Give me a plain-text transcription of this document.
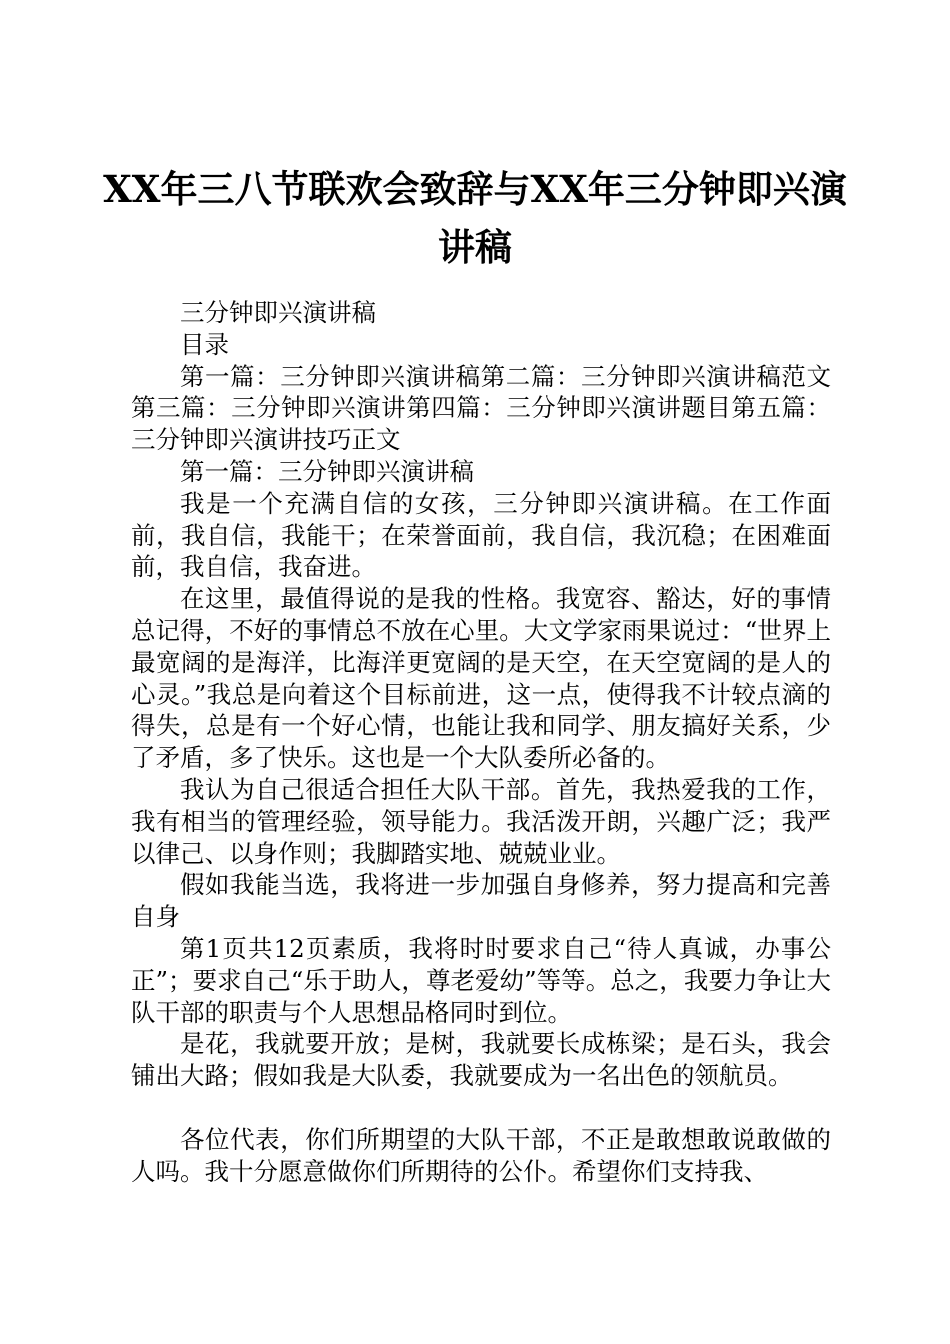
XX年三八节联欢会致辞与XX年三分钟即兴演讲稿

三分钟即兴演讲稿

目录

第一篇：三分钟即兴演讲稿第二篇：三分钟即兴演讲稿范文第三篇：三分钟即兴演讲第四篇：三分钟即兴演讲题目第五篇：三分钟即兴演讲技巧正文

第一篇：三分钟即兴演讲稿

我是一个充满自信的女孩，三分钟即兴演讲稿。在工作面前，我自信，我能干；在荣誉面前，我自信，我沉稳；在困难面前，我自信，我奋进。

在这里，最值得说的是我的性格。我宽容、豁达，好的事情总记得，不好的事情总不放在心里。大文学家雨果说过：“世界上最宽阔的是海洋，比海洋更宽阔的是天空，在天空宽阔的是人的心灵。”我总是向着这个目标前进，这一点，使得我不计较点滴的得失，总是有一个好心情，也能让我和同学、朋友搞好关系，少了矛盾，多了快乐。这也是一个大队委所必备的。

我认为自己很适合担任大队干部。首先，我热爱我的工作，我有相当的管理经验，领导能力。我活泼开朗，兴趣广泛；我严以律己、以身作则；我脚踏实地、兢兢业业。

假如我能当选，我将进一步加强自身修养，努力提高和完善自身

第1页共12页素质，我将时时要求自己“待人真诚，办事公正”；要求自己“乐于助人，尊老爱幼”等等。总之，我要力争让大队干部的职责与个人思想品格同时到位。

是花，我就要开放；是树，我就要长成栋梁；是石头，我会铺出大路；假如我是大队委，我就要成为一名出色的领航员。

各位代表，你们所期望的大队干部，不正是敢想敢说敢做的人吗。我十分愿意做你们所期待的公仆。希望你们支持我、
